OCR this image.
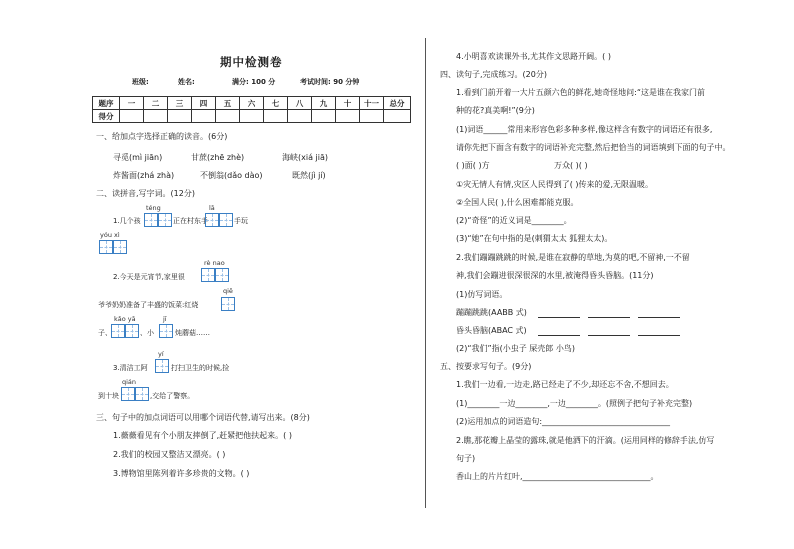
期中检测卷
班级:	姓名:	满分: 100 分	考试时间: 90 分钟
题序	一	二	三	四	五	六	七	八	九	十	十一	总分
得分												
一、给加点字选择正确的读音。(6分)
寻觅(mì jiān)	甘蔗(zhē zhè)	海峡(xiá jiā)
炸酱面(zhá zhà)	不倒翁(dǎo dào)	既然(jì jí)
二、读拼音,写字词。(12分)
téng	lā
1.几个孩	正在村东手	手玩
yóu xì
rè nao
2.今天是元宵节,家里很
qiē
爷爷奶奶准备了丰盛的饭菜:红烧
kǎo yā	jī
子、	、小	炖蘑菇……
yí
3.清洁工阿	打扫卫生的时候,捡
qián
到十块	,交给了警察。
三、句子中的加点词语可以用哪个词语代替,请写出来。(8分)
1.薇薇看见有个小朋友摔倒了,赶紧把他扶起来。( )
2.我们的校园又整洁又漂亮。( )
3.博物馆里陈列着许多珍贵的文物。( )
4.小明喜欢读课外书,尤其作文思路开阔。( )
四、读句子,完成练习。(20分)
1.看到门前开着一大片五颜六色的鲜花,她奇怪地问:“这是谁在我家门前
种的花?真美啊!”(9分)
(1)词语______常用来形容色彩多种多样,像这样含有数字的词语还有很多,
请你先把下面含有数字的词语补充完整,然后把恰当的词语填到下面的句子中。
( )面( )方	万众( )( )
①灾无情人有情,灾区人民得到了( )传来的爱,无限温暖。
②全国人民( ),什么困难都能克服。
(2)“奇怪”的近义词是________。
(3)“她”在句中指的是(刺猬太太 狐狸太太)。
2.我们蹦蹦跳跳的时候,是谁在寂静的草地,为莫的吧,不留神,一不留
神,我们会蹦进很深很深的水里,被淹得昏头昏脑。(11分)
(1)仿写词语。
蹦蹦跳跳(AABB 式)
昏头昏脑(ABAC 式)
(2)“我们”指(小虫子 屎壳郎 小鸟)
五、按要求写句子。(9分)
1.我们一边看,一边走,路已经走了不少,却还忘不舍,不想回去。
(1)________一边________,一边________。(照例子把句子补充完整)
(2)运用加点的词语造句:________________________________
2.瞧,那花瓣上晶莹的露珠,就是他洒下的汗滴。(运用同样的修辞手法,仿写
句子)
香山上的片片红叶,________________________________。
